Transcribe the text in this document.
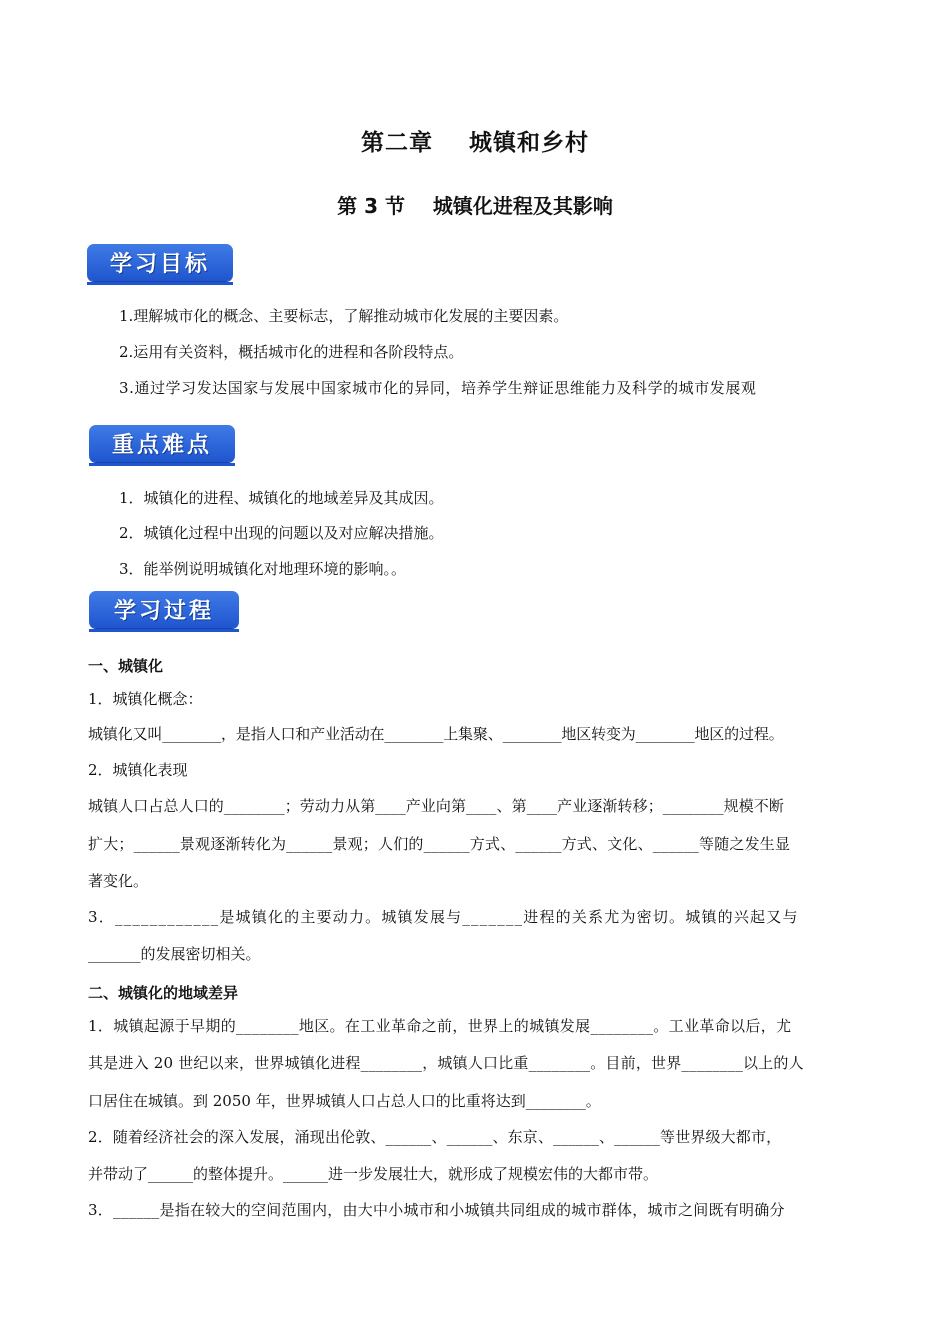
第二章    城镇和乡村
第 3 节    城镇化进程及其影响
学习目标
1.理解城市化的概念、主要标志，了解推动城市化发展的主要因素。
2.运用有关资料，概括城市化的进程和各阶段特点。
3.通过学习发达国家与发展中国家城市化的异同，培养学生辩证思维能力及科学的城市发展观
重点难点
1．城镇化的进程、城镇化的地域差异及其成因。
2．城镇化过程中出现的问题以及对应解决措施。
3．能举例说明城镇化对地理环境的影响。。
学习过程
一、城镇化
1．城镇化概念：
城镇化又叫________，是指人口和产业活动在________上集聚、________地区转变为________地区的过程。
2．城镇化表现
城镇人口占总人口的________；劳动力从第____产业向第____、第____产业逐渐转移；________规模不断
扩大；______景观逐渐转化为______景观；人们的______方式、______方式、文化、______等随之发生显
著变化。
3．____________是城镇化的主要动力。城镇发展与_______进程的关系尤为密切。城镇的兴起又与
_______的发展密切相关。
二、城镇化的地域差异
1．城镇起源于早期的________地区。在工业革命之前，世界上的城镇发展________。工业革命以后，尤
其是进入 20 世纪以来，世界城镇化进程________，城镇人口比重________。目前，世界________以上的人
口居住在城镇。到 2050 年，世界城镇人口占总人口的比重将达到________。
2．随着经济社会的深入发展，涌现出伦敦、______、______、东京、______、______等世界级大都市，
并带动了______的整体提升。______进一步发展壮大，就形成了规模宏伟的大都市带。
3．______是指在较大的空间范围内，由大中小城市和小城镇共同组成的城市群体，城市之间既有明确分
